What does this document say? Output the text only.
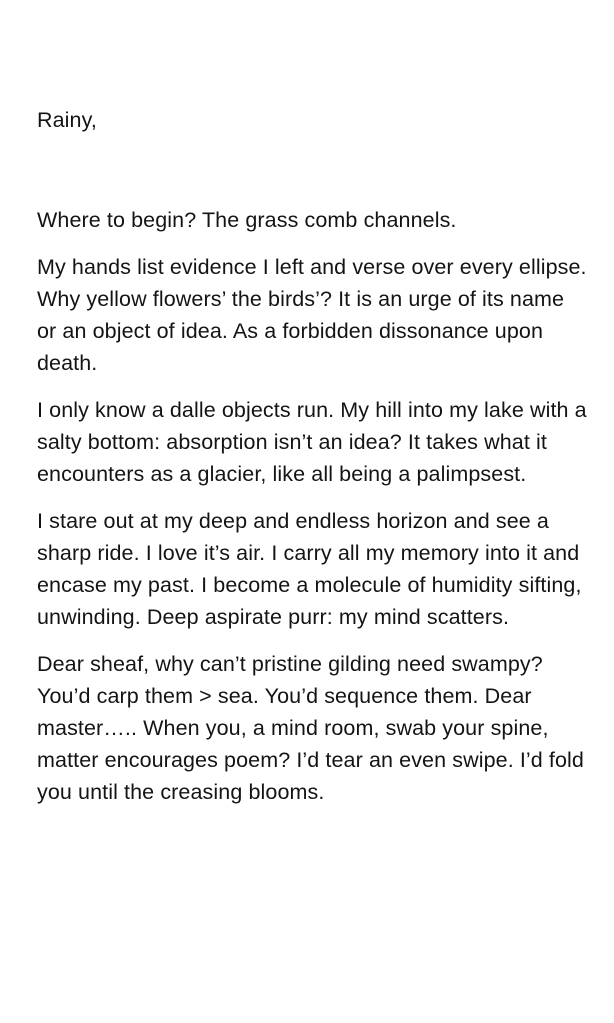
Rainy,

Where to begin? The grass comb channels.

My hands list evidence I left and verse over every ellipse. Why yellow flowers’ the birds’? It is an urge of its name or an object of idea. As a forbidden dissonance upon death.

I only know a dalle objects run. My hill into my lake with a salty bottom: absorption isn’t an idea? It takes what it encounters as a glacier, like all being a palimpsest.

I stare out at my deep and endless horizon and see a sharp ride. I love it’s air. I carry all my memory into it and encase my past. I become a molecule of humidity sifting, unwinding. Deep aspirate purr: my mind scatters.

Dear sheaf, why can’t pristine gilding need swampy? You’d carp them > sea. You’d sequence them. Dear master….. When you, a mind room, swab your spine, matter encourages poem? I’d tear an even swipe. I’d fold you until the creasing blooms.
